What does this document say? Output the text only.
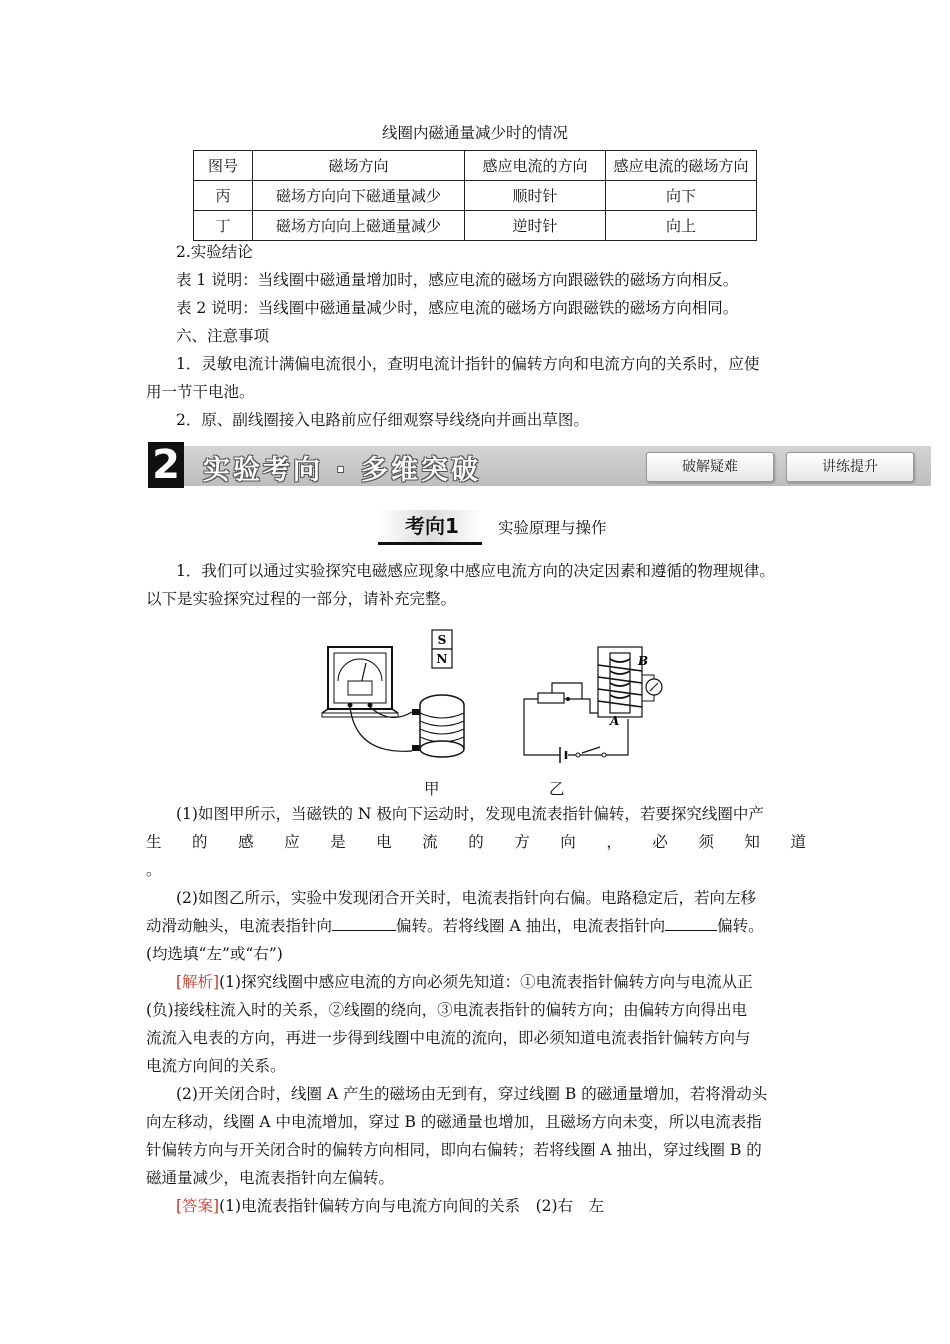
线圈内磁通量减少时的情况
图号	磁场方向	感应电流的方向	感应电流的磁场方向
丙	磁场方向向下磁通量减少	顺时针	向下
丁	磁场方向向上磁通量减少	逆时针	向上
2.实验结论
表 1 说明：当线圈中磁通量增加时，感应电流的磁场方向跟磁铁的磁场方向相反。
表 2 说明：当线圈中磁通量减少时，感应电流的磁场方向跟磁铁的磁场方向相同。
六、注意事项
1．灵敏电流计满偏电流很小，查明电流计指针的偏转方向和电流方向的关系时，应使
用一节干电池。
2．原、副线圈接入电路前应仔细观察导线绕向并画出草图。
2 实验考向 · 多维突破	破解疑难	讲练提升
考向1	实验原理与操作
1．我们可以通过实验探究电磁感应现象中感应电流方向的决定因素和遵循的物理规律。
以下是实验探究过程的一部分，请补充完整。
S
N	B
A
甲	乙
(1)如图甲所示，当磁铁的 N 极向下运动时，发现电流表指针偏转，若要探究线圈中产
生 的 感 应 是 电 流 的 方 向 ， 必 须 知 道
。
(2)如图乙所示，实验中发现闭合开关时，电流表指针向右偏。电路稳定后，若向左移
动滑动触头，电流表指针向	偏转。若将线圈 A 抽出，电流表指针向	偏转。
(均选填“左”或“右”)
[解析](1)探究线圈中感应电流的方向必须先知道：①电流表指针偏转方向与电流从正
(负)接线柱流入时的关系，②线圈的绕向，③电流表指针的偏转方向；由偏转方向得出电
流流入电表的方向，再进一步得到线圈中电流的流向，即必须知道电流表指针偏转方向与
电流方向间的关系。
(2)开关闭合时，线圈 A 产生的磁场由无到有，穿过线圈 B 的磁通量增加，若将滑动头
向左移动，线圈 A 中电流增加，穿过 B 的磁通量也增加，且磁场方向未变，所以电流表指
针偏转方向与开关闭合时的偏转方向相同，即向右偏转；若将线圈 A 抽出，穿过线圈 B 的
磁通量减少，电流表指针向左偏转。
[答案](1)电流表指针偏转方向与电流方向间的关系　(2)右　左
